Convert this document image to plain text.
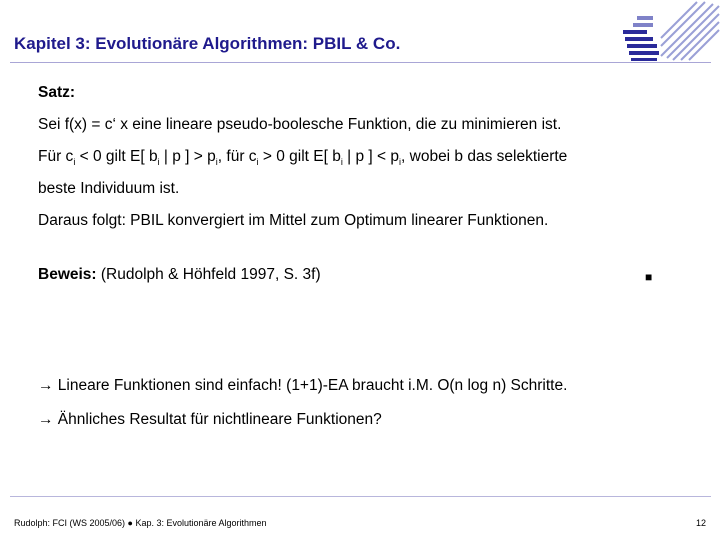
Kapitel 3: Evolutionäre Algorithmen: PBIL & Co.
Satz:
Sei f(x) = c‘ x eine lineare pseudo-boolesche Funktion, die zu minimieren ist.
Für $c_i < 0$ gilt E[ $b_i$ | p ] > $p_i$, für $c_i > 0$ gilt E[ $b_i$ | p ] < $p_i$, wobei b das selektierte
beste Individuum ist.
Daraus folgt: PBIL konvergiert im Mittel zum Optimum linearer Funktionen.
Beweis: (Rudolph & Höhfeld 1997, S. 3f)	■
→ Lineare Funktionen sind einfach! (1+1)-EA braucht i.M. O(n log n) Schritte.
→ Ähnliches Resultat für nichtlineare Funktionen?
Rudolph: FCI (WS 2005/06) ● Kap. 3: Evolutionäre Algorithmen	12
